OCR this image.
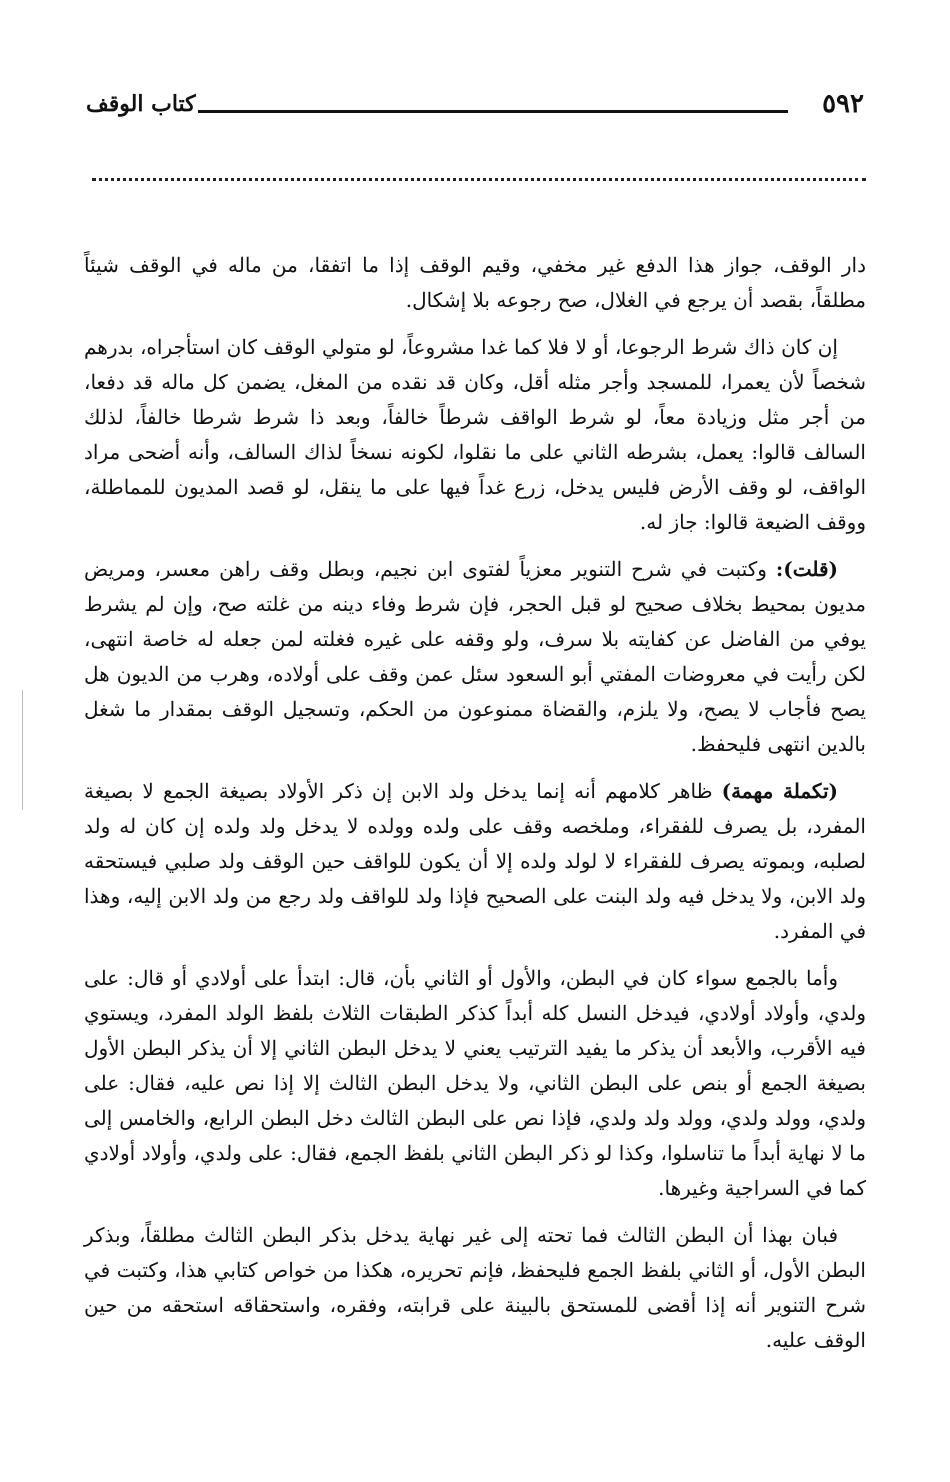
٥٩٢
كتاب الوقف

دار الوقف، جواز هذا الدفع غير مخفي، وقيم الوقف إذا ما اتفقا، من ماله في الوقف شيئاً مطلقاً، بقصد أن يرجع في الغلال، صح رجوعه بلا إشكال.

إن كان ذاك شرط الرجوعا، أو لا فلا كما غدا مشروعاً، لو متولي الوقف كان استأجراه، بدرهم شخصاً لأن يعمرا، للمسجد وأجر مثله أقل، وكان قد نقده من المغل، يضمن كل ماله قد دفعا، من أجر مثل وزيادة معاً، لو شرط الواقف شرطاً خالفاً، وبعد ذا شرط شرطا خالفاً، لذلك السالف قالوا: يعمل، بشرطه الثاني على ما نقلوا، لكونه نسخاً لذاك السالف، وأنه أضحى مراد الواقف، لو وقف الأرض فليس يدخل، زرع غداً فيها على ما ينقل، لو قصد المديون للمماطلة، ووقف الضيعة قالوا: جاز له.

(قلت): وكتبت في شرح التنوير معزياً لفتوى ابن نجيم، وبطل وقف راهن معسر، ومريض مديون بمحيط بخلاف صحيح لو قبل الحجر، فإن شرط وفاء دينه من غلته صح، وإن لم يشرط يوفي من الفاضل عن كفايته بلا سرف، ولو وقفه على غيره فغلته لمن جعله له خاصة انتهى، لكن رأيت في معروضات المفتي أبو السعود سئل عمن وقف على أولاده، وهرب من الديون هل يصح فأجاب لا يصح، ولا يلزم، والقضاة ممنوعون من الحكم، وتسجيل الوقف بمقدار ما شغل بالدين انتهى فليحفظ.

(تكملة مهمة) ظاهر كلامهم أنه إنما يدخل ولد الابن إن ذكر الأولاد بصيغة الجمع لا بصيغة المفرد، بل يصرف للفقراء، وملخصه وقف على ولده وولده لا يدخل ولد ولده إن كان له ولد لصلبه، وبموته يصرف للفقراء لا لولد ولده إلا أن يكون للواقف حين الوقف ولد صلبي فيستحقه ولد الابن، ولا يدخل فيه ولد البنت على الصحيح فإذا ولد للواقف ولد رجع من ولد الابن إليه، وهذا في المفرد.

وأما بالجمع سواء كان في البطن، والأول أو الثاني بأن، قال: ابتدأ على أولادي أو قال: على ولدي، وأولاد أولادي، فيدخل النسل كله أبداً كذكر الطبقات الثلاث بلفظ الولد المفرد، ويستوي فيه الأقرب، والأبعد أن يذكر ما يفيد الترتيب يعني لا يدخل البطن الثاني إلا أن يذكر البطن الأول بصيغة الجمع أو بنص على البطن الثاني، ولا يدخل البطن الثالث إلا إذا نص عليه، فقال: على ولدي، وولد ولدي، وولد ولد ولدي، فإذا نص على البطن الثالث دخل البطن الرابع، والخامس إلى ما لا نهاية أبداً ما تناسلوا، وكذا لو ذكر البطن الثاني بلفظ الجمع، فقال: على ولدي، وأولاد أولادي كما في السراجية وغيرها.

فبان بهذا أن البطن الثالث فما تحته إلى غير نهاية يدخل بذكر البطن الثالث مطلقاً، وبذكر البطن الأول، أو الثاني بلفظ الجمع فليحفظ، فإنم تحريره، هكذا من خواص كتابي هذا، وكتبت في شرح التنوير أنه إذا أقضى للمستحق بالبينة على قرابته، وفقره، واستحقاقه استحقه من حين الوقف عليه.
